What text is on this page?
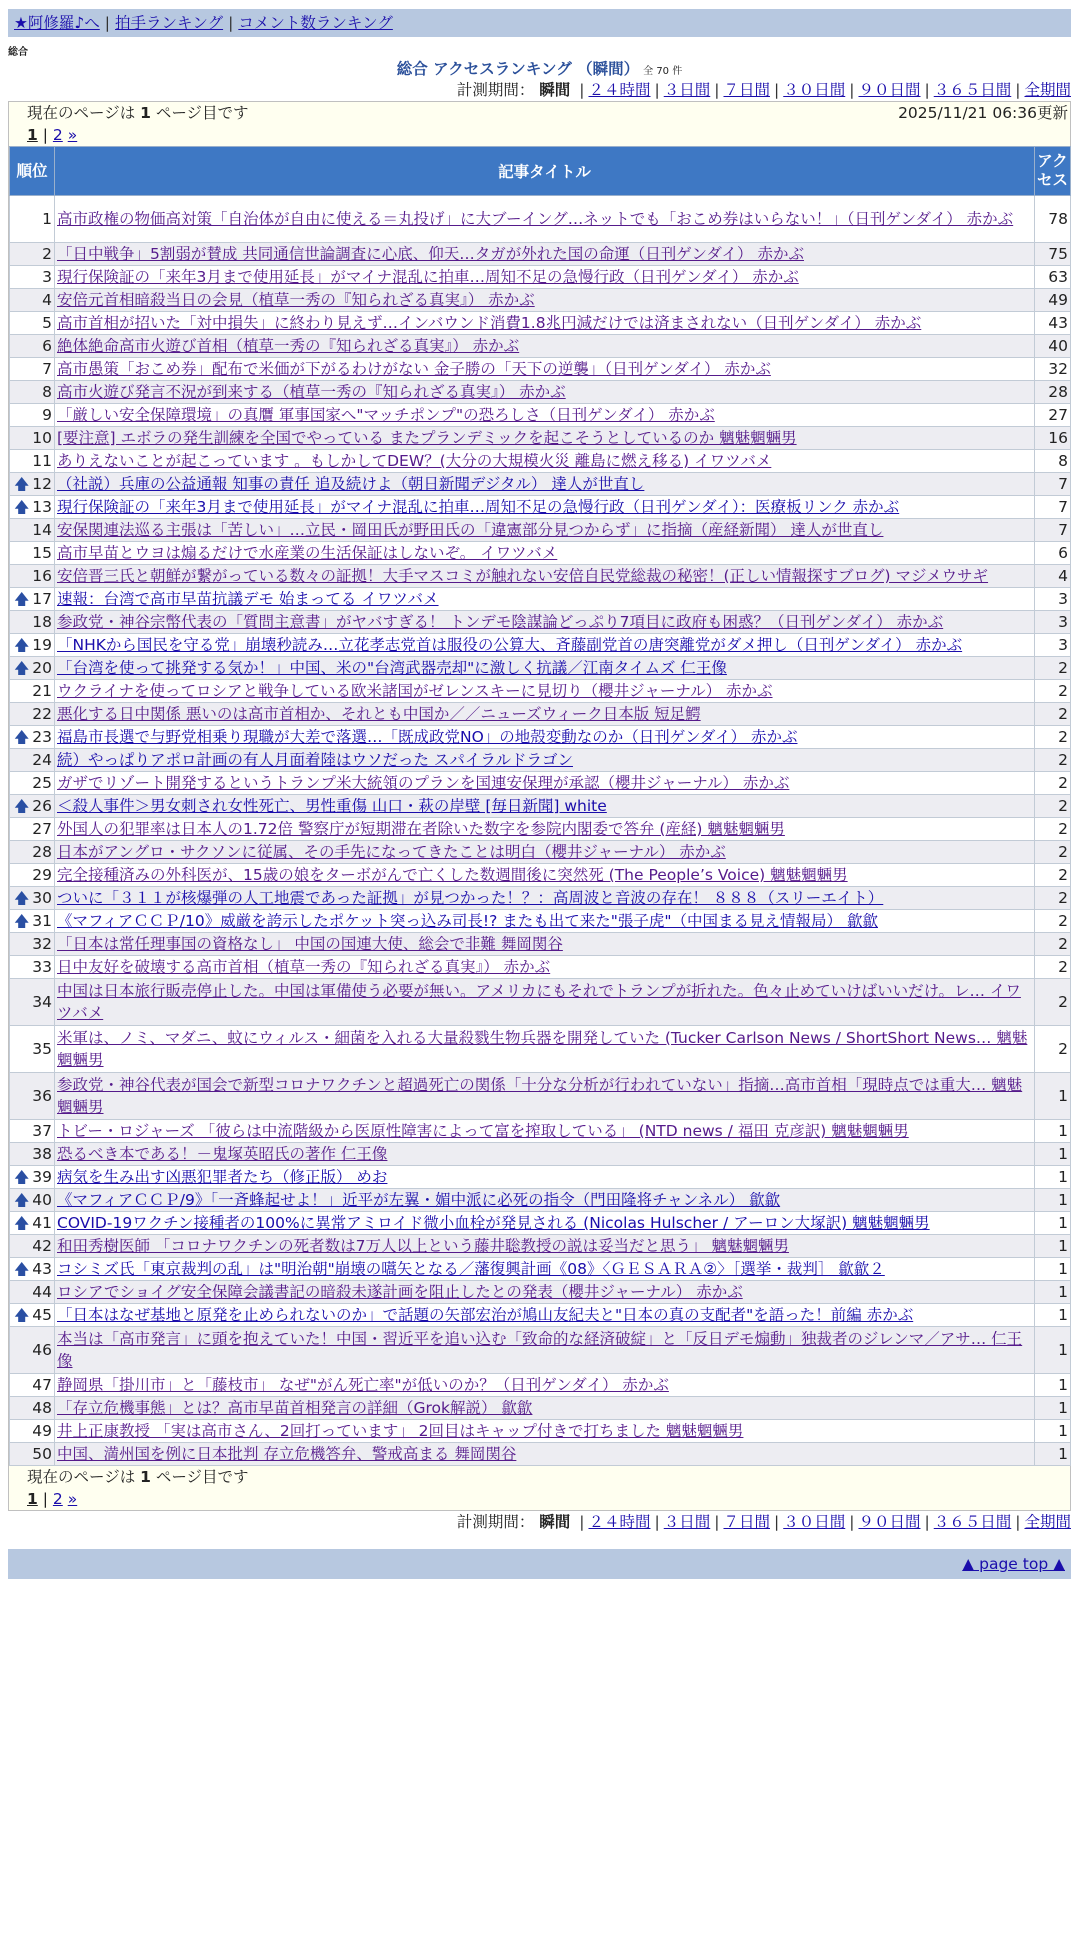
★阿修羅♪へ | 拍手ランキング | コメント数ランキング
総合
総合 アクセスランキング （瞬間） 全 70 件
計測期間： 瞬間 | ２４時間 | ３日間 | ７日間 | ３０日間 | ９０日間 | ３６５日間 | 全期間
現在のページは 1 ページ目です	2025/11/21 06:36更新
1 | 2 »
順位	記事タイトル	アクセス
1	高市政権の物価高対策「自治体が自由に使える＝丸投げ」に大ブーイング…ネットでも「おこめ券はいらない！」（日刊ゲンダイ） 赤かぶ	78
2	「日中戦争」5割弱が賛成 共同通信世論調査に心底、仰天…タガが外れた国の命運（日刊ゲンダイ） 赤かぶ	75
3	現行保険証の「来年3月まで使用延長」がマイナ混乱に拍車…周知不足の急慢行政（日刊ゲンダイ） 赤かぶ	63
4	安倍元首相暗殺当日の会見（植草一秀の『知られざる真実』） 赤かぶ	49
5	高市首相が招いた「対中損失」に終わり見えず…インバウンド消費1.8兆円減だけでは済まされない（日刊ゲンダイ） 赤かぶ	43
6	絶体絶命高市火遊び首相（植草一秀の『知られざる真実』） 赤かぶ	40
7	高市愚策「おこめ券」配布で米価が下がるわけがない 金子勝の「天下の逆襲」（日刊ゲンダイ） 赤かぶ	32
8	高市火遊び発言不況が到来する（植草一秀の『知られざる真実』） 赤かぶ	28
9	「厳しい安全保障環境」の真贋 軍事国家へ"マッチポンプ"の恐ろしさ（日刊ゲンダイ） 赤かぶ	27
10	[要注意] エボラの発生訓練を全国でやっている またプランデミックを起こそうとしているのか 魑魅魍魎男	16
11	ありえないことが起こっています 。もしかしてDEW？(大分の大規模火災 離島に燃え移る) イワツバメ	8

🡅 12	（社説）兵庫の公益通報 知事の責任 追及続けよ（朝日新聞デジタル） 達人が世直し	7

🡅 13	現行保険証の「来年3月まで使用延長」がマイナ混乱に拍車…周知不足の急慢行政（日刊ゲンダイ）：医療板リンク 赤かぶ	7
14	安保関連法巡る主張は「苦しい」…立民・岡田氏が野田氏の「違憲部分見つからず」に指摘（産経新聞） 達人が世直し	7
15	高市早苗とウヨは煽るだけで水産業の生活保証はしないぞ。 イワツバメ	6
16	安倍晋三氏と朝鮮が繋がっている数々の証拠！大手マスコミが触れない安倍自民党総裁の秘密！(正しい情報探すブログ) マジメウサギ	4

🡅 17	速報：台湾で高市早苗抗議デモ 始まってる イワツバメ	3
18	参政党・神谷宗幣代表の「質問主意書」がヤバすぎる！ トンデモ陰謀論どっぷり7項目に政府も困惑？（日刊ゲンダイ） 赤かぶ	3

🡅 19	「NHKから国民を守る党」崩壊秒読み…立花孝志党首は服役の公算大、斉藤副党首の唐突離党がダメ押し（日刊ゲンダイ） 赤かぶ	3

🡅 20	「台湾を使って挑発する気か！」中国、米の"台湾武器売却"に激しく抗議／江南タイムズ 仁王像	2
21	ウクライナを使ってロシアと戦争している欧米諸国がゼレンスキーに見切り（櫻井ジャーナル） 赤かぶ	2
22	悪化する日中関係 悪いのは高市首相か、それとも中国か／／ニューズウィーク日本版 短足鰐	2

🡅 23	福島市長選で与野党相乗り現職が大差で落選…「既成政党NO」の地殻変動なのか（日刊ゲンダイ） 赤かぶ	2
24	続）やっぱりアポロ計画の有人月面着陸はウソだった スパイラルドラゴン	2
25	ガザでリゾート開発するというトランプ米大統領のプランを国連安保理が承認（櫻井ジャーナル） 赤かぶ	2

🡅 26	＜殺人事件＞男女刺され女性死亡、男性重傷 山口・萩の岸壁 [毎日新聞] white	2
27	外国人の犯罪率は日本人の1.72倍 警察庁が短期滞在者除いた数字を参院内閣委で答弁 (産経) 魑魅魍魎男	2
28	日本がアングロ・サクソンに従属、その手先になってきたことは明白（櫻井ジャーナル） 赤かぶ	2
29	完全接種済みの外科医が、15歳の娘をターボがんで亡くした数週間後に突然死 (The People’s Voice) 魑魅魍魎男	2

🡅 30	ついに「３１１が核爆弾の人工地震であった証拠」が見つかった！？：高周波と音波の存在！ ８８８（スリーエイト）	2

🡅 31	《マフィアＣＣＰ/10》威厳を誇示したポケット突っ込み司長!? またも出て来た"張子虎"（中国まる見え情報局） 歙歙	2
32	「日本は常任理事国の資格なし」 中国の国連大使、総会で非難 舞岡関谷	2
33	日中友好を破壊する高市首相（植草一秀の『知られざる真実』） 赤かぶ	2
34	中国は日本旅行販売停止した。中国は軍備使う必要が無い。アメリカにもそれでトランプが折れた。色々止めていけばいいだけ。レ… イワツバメ	2
35	米軍は、ノミ、マダニ、蚊にウィルス・細菌を入れる大量殺戮生物兵器を開発していた (Tucker Carlson News / ShortShort News… 魑魅魍魎男	2
36	参政党・神谷代表が国会で新型コロナワクチンと超過死亡の関係「十分な分析が行われていない」指摘…高市首相「現時点では重大… 魑魅魍魎男	1
37	トビー・ロジャーズ 「彼らは中流階級から医原性障害によって富を搾取している」 (NTD news / 福田 克彦訳) 魑魅魍魎男	1
38	恐るべき本である！－鬼塚英昭氏の著作 仁王像	1

🡅 39	病気を生み出す凶悪犯罪者たち（修正版） めお	1

🡅 40	《マフィアＣＣＰ/9》「一斉蜂起せよ！」近平が左翼・媚中派に必死の指令（門田隆将チャンネル） 歙歙	1

🡅 41	COVID-19ワクチン接種者の100%に異常アミロイド微小血栓が発見される (Nicolas Hulscher / アーロン大塚訳) 魑魅魍魎男	1
42	和田秀樹医師 「コロナワクチンの死者数は7万人以上という藤井聡教授の説は妥当だと思う」 魑魅魍魎男	1

🡅 43	コシミズ氏「東京裁判の乱」は"明治朝"崩壊の嚆矢となる／藩復興計画《08》〈ＧＥＳＡＲＡ②〉［選挙・裁判］ 歙歙２	1
44	ロシアでショイグ安全保障会議書記の暗殺未遂計画を阻止したとの発表（櫻井ジャーナル） 赤かぶ	1

🡅 45	「日本はなぜ基地と原発を止められないのか」で話題の矢部宏治が鳩山友紀夫と"日本の真の支配者"を語った！前編 赤かぶ	1
46	本当は「高市発言」に頭を抱えていた！中国・習近平を追い込む「致命的な経済破綻」と「反日デモ煽動」独裁者のジレンマ／アサ… 仁王像	1
47	静岡県「掛川市」と「藤枝市」 なぜ"がん死亡率"が低いのか？（日刊ゲンダイ） 赤かぶ	1
48	「存立危機事態」とは？高市早苗首相発言の詳細（Grok解説） 歙歙	1
49	井上正康教授 「実は高市さん、2回打っています」 2回目はキャップ付きで打ちました 魑魅魍魎男	1
50	中国、満州国を例に日本批判 存立危機答弁、警戒高まる 舞岡関谷	1
現在のページは 1 ページ目です
1 | 2 »
計測期間： 瞬間 | ２４時間 | ３日間 | ７日間 | ３０日間 | ９０日間 | ３６５日間 | 全期間
▲ page top ▲
